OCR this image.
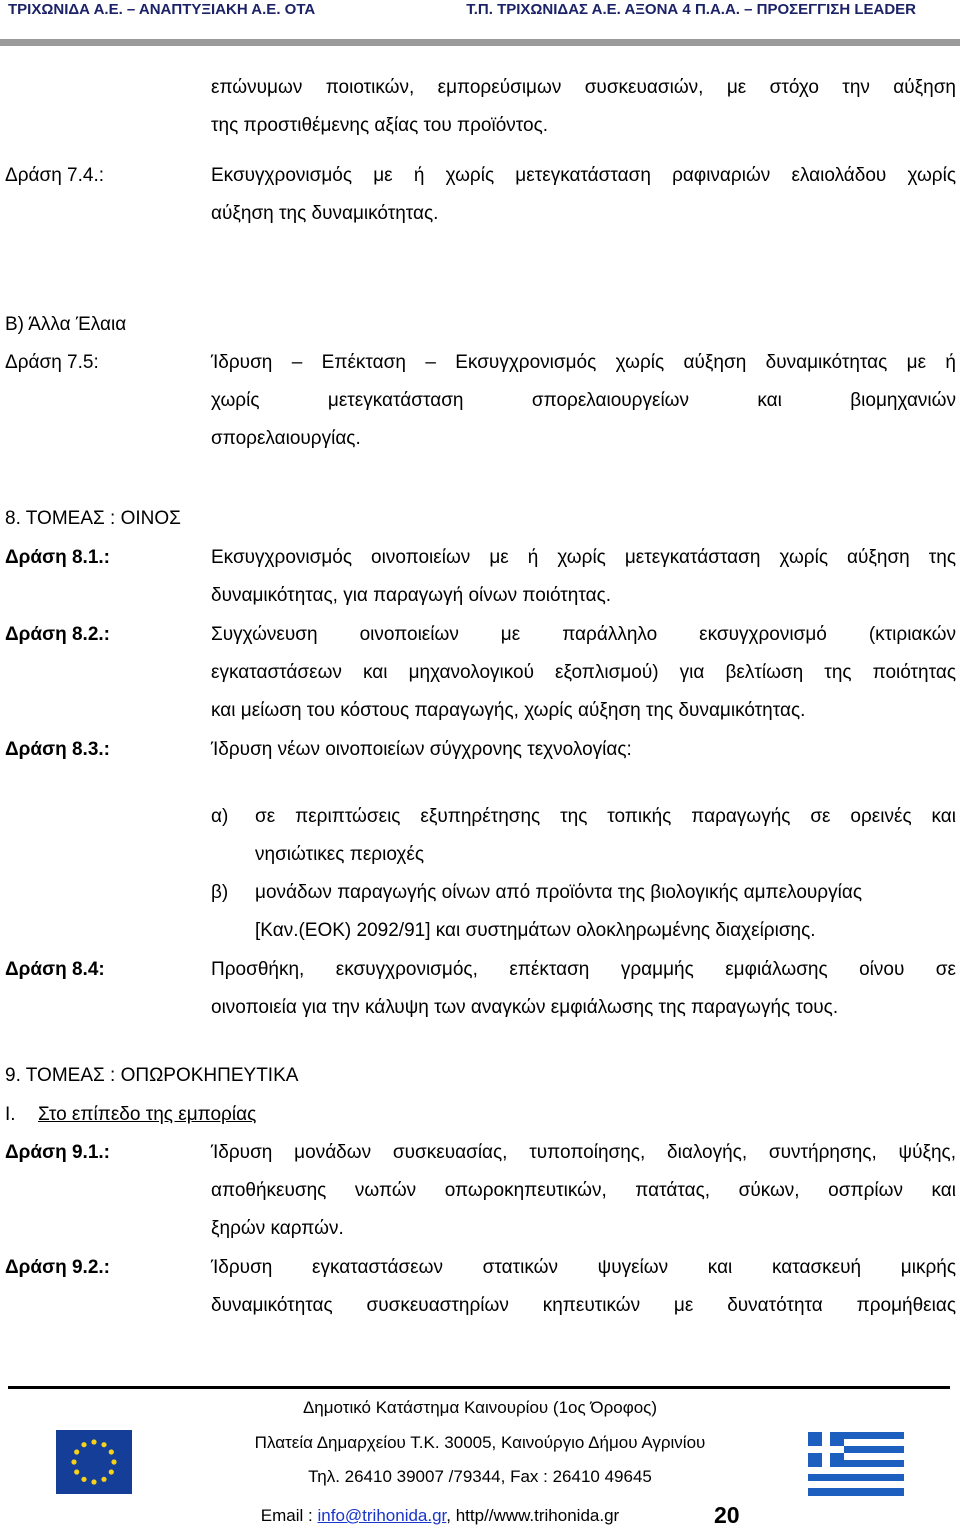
ΤΡΙΧΩΝΙΔΑ Α.Ε. – ΑΝΑΠΤΥΞΙΑΚΗ Α.Ε. ΟΤΑ	Τ.Π. ΤΡΙΧΩΝΙΔΑΣ Α.Ε. ΑΞΟΝΑ 4 Π.Α.Α. – ΠΡΟΣΕΓΓΙΣΗ LEADER
επώνυμων ποιοτικών, εμπορεύσιμων συσκευασιών, με στόχο την αύξηση
της προστιθέμενης αξίας του προϊόντος.
Δράση 7.4.:	Εκσυγχρονισμός με ή χωρίς μετεγκατάσταση ραφιναριών ελαιολάδου χωρίς
αύξηση της δυναμικότητας.
Β) Άλλα Έλαια
Δράση 7.5:	Ίδρυση – Επέκταση – Εκσυγχρονισμός χωρίς αύξηση δυναμικότητας με ή
χωρίς μετεγκατάσταση σπορελαιουργείων και βιομηχανιών
σπορελαιουργίας.
8. ΤΟΜΕΑΣ : ΟΙΝΟΣ
Δράση 8.1.:	Εκσυγχρονισμός οινοποιείων με ή χωρίς μετεγκατάσταση χωρίς αύξηση της
δυναμικότητας, για παραγωγή οίνων ποιότητας.
Δράση 8.2.:	Συγχώνευση οινοποιείων με παράλληλο εκσυγχρονισμό (κτιριακών
εγκαταστάσεων και μηχανολογικού εξοπλισμού) για βελτίωση της ποιότητας
και μείωση του κόστους παραγωγής, χωρίς αύξηση της δυναμικότητας.
Δράση 8.3.:	Ίδρυση νέων οινοποιείων σύγχρονης τεχνολογίας:
α) σε περιπτώσεις εξυπηρέτησης της τοπικής παραγωγής σε ορεινές και
νησιώτικες περιοχές
β) μονάδων παραγωγής οίνων από προϊόντα της βιολογικής αμπελουργίας
[Καν.(ΕΟΚ) 2092/91] και συστημάτων ολοκληρωμένης διαχείρισης.
Δράση 8.4:	Προσθήκη, εκσυγχρονισμός, επέκταση γραμμής εμφιάλωσης οίνου σε
οινοποιεία για την κάλυψη των αναγκών εμφιάλωσης της παραγωγής τους.
9. ΤΟΜΕΑΣ : ΟΠΩΡΟΚΗΠΕΥΤΙΚΑ
Ι. Στο επίπεδο της εμπορίας
Δράση 9.1.:	Ίδρυση μονάδων συσκευασίας, τυποποίησης, διαλογής, συντήρησης, ψύξης,
αποθήκευσης νωπών οπωροκηπευτικών, πατάτας, σύκων, οσπρίων και
ξηρών καρπών.
Δράση 9.2.:	Ίδρυση εγκαταστάσεων στατικών ψυγείων και κατασκευή μικρής
δυναμικότητας συσκευαστηρίων κηπευτικών με δυνατότητα προμήθειας
Δημοτικό Κατάστημα Καινουρίου (1ος Όροφος)
Πλατεία Δημαρχείου Τ.Κ. 30005, Καινούργιο Δήμου Αγρινίου
Τηλ. 26410 39007 /79344, Fax : 26410 49645
Email : info@trihonida.gr, http//www.trihonida.gr	20
